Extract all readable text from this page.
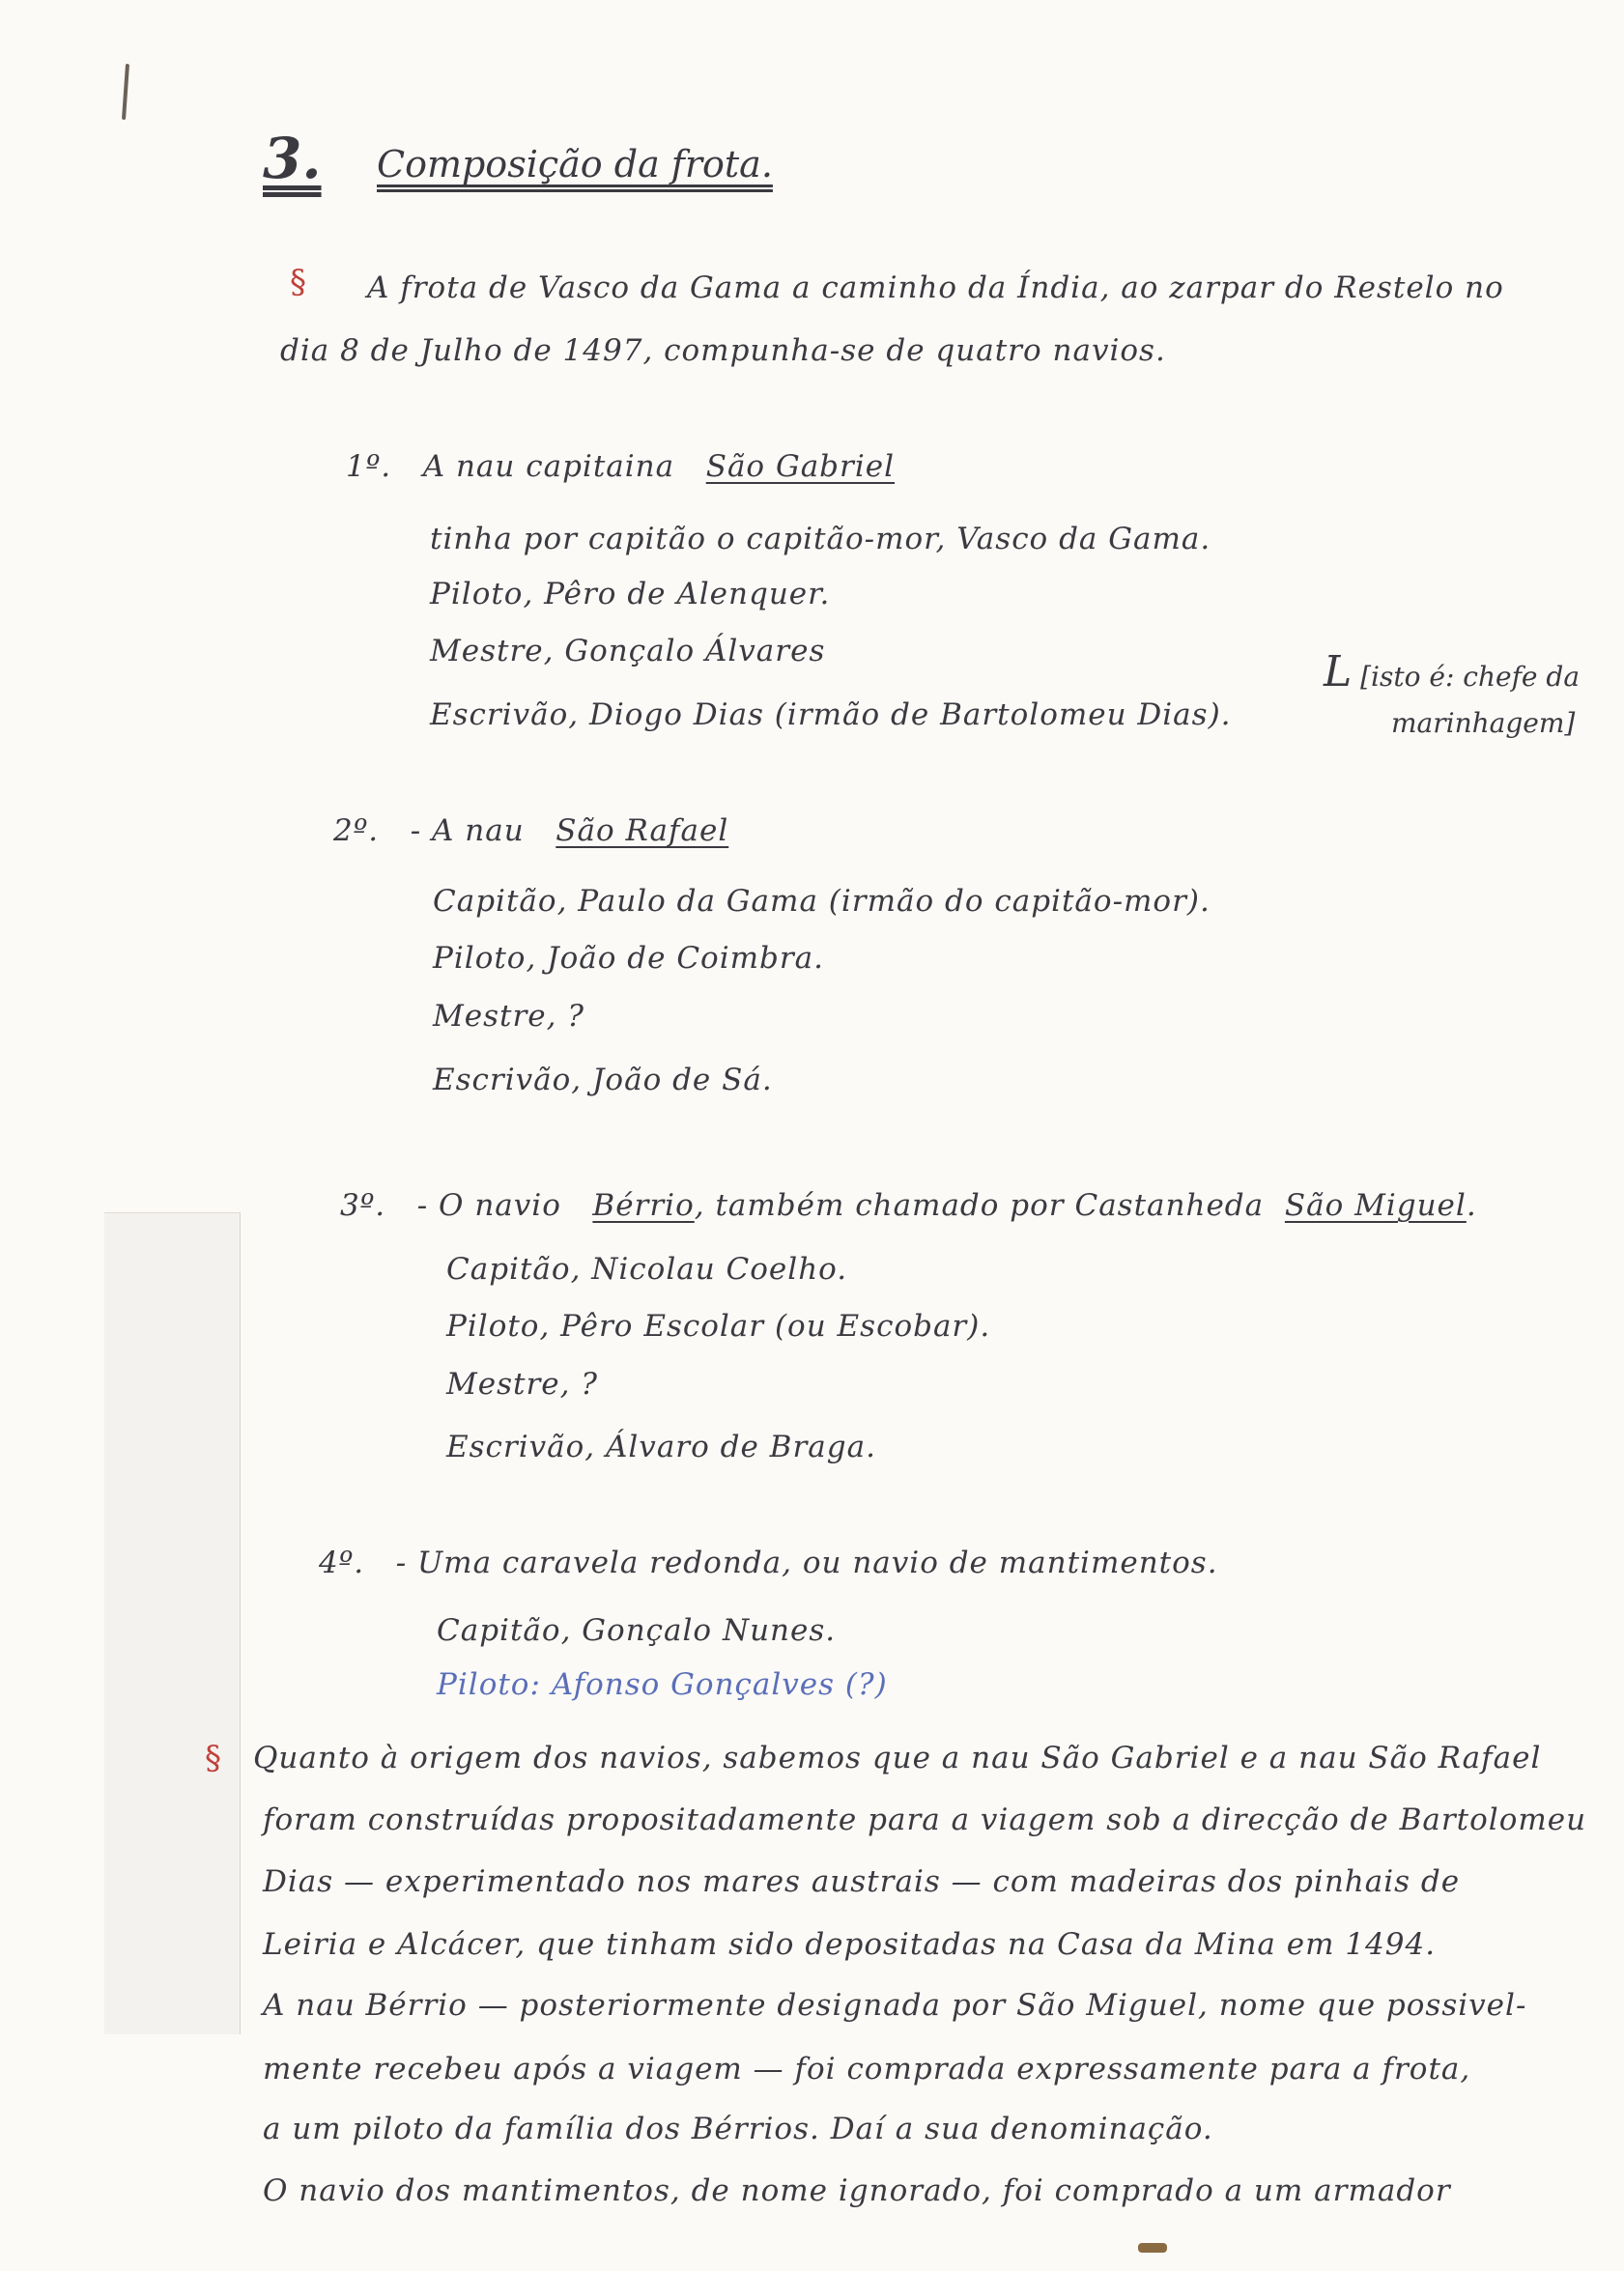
3. Composição da frota.
§ A frota de Vasco da Gama a caminho da Índia, ao zarpar do Restelo no
dia 8 de Julho de 1497, compunha-se de quatro navios.
1º. A nau capitaina São Gabriel
tinha por capitão o capitão-mor, Vasco da Gama.
Piloto, Pêro de Alenquer.
Mestre, Gonçalo Álvares
Escrivão, Diogo Dias (irmão de Bartolomeu Dias).
L [isto é: chefe da
marinhagem]
2º. - A nau São Rafael
Capitão, Paulo da Gama (irmão do capitão-mor).
Piloto, João de Coimbra.
Mestre, ?
Escrivão, João de Sá.
3º. - O navio Bérrio, também chamado por Castanheda São Miguel.
Capitão, Nicolau Coelho.
Piloto, Pêro Escolar (ou Escobar).
Mestre, ?
Escrivão, Álvaro de Braga.
4º. - Uma caravela redonda, ou navio de mantimentos.
Capitão, Gonçalo Nunes.
Piloto: Afonso Gonçalves (?)
§ Quanto à origem dos navios, sabemos que a nau São Gabriel e a nau São Rafael
foram construídas propositadamente para a viagem sob a direcção de Bartolomeu
Dias — experimentado nos mares austrais — com madeiras dos pinhais de
Leiria e Alcácer, que tinham sido depositadas na Casa da Mina em 1494.
A nau Bérrio — posteriormente designada por São Miguel, nome que possivel-
mente recebeu após a viagem — foi comprada expressamente para a frota,
a um piloto da família dos Bérrios. Daí a sua denominação.
O navio dos mantimentos, de nome ignorado, foi comprado a um armador
